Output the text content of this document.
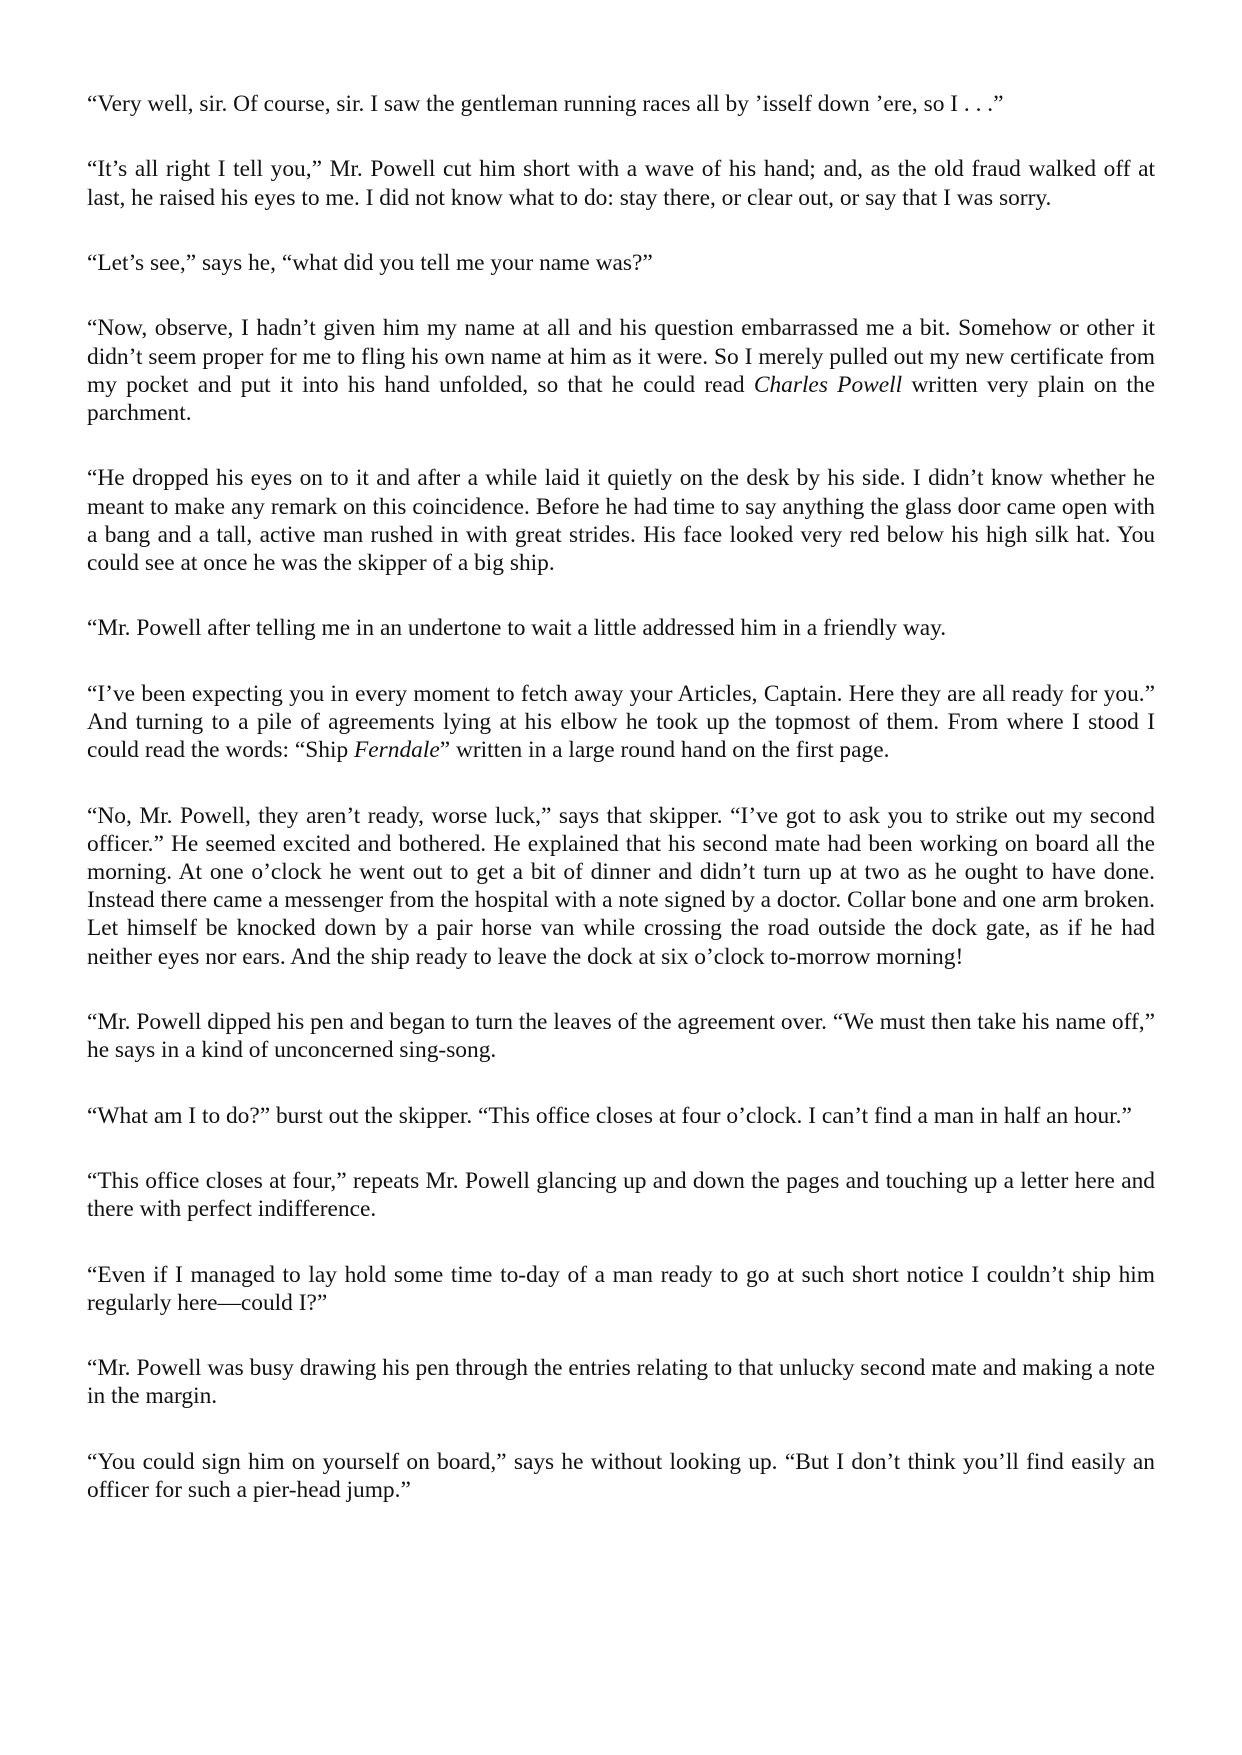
“Very well, sir. Of course, sir. I saw the gentleman running races all by ’isself down ’ere, so I . . .”

“It’s all right I tell you,” Mr. Powell cut him short with a wave of his hand; and, as the old fraud walked off at last, he raised his eyes to me. I did not know what to do: stay there, or clear out, or say that I was sorry.

“Let’s see,” says he, “what did you tell me your name was?”

“Now, observe, I hadn’t given him my name at all and his question embarrassed me a bit. Somehow or other it didn’t seem proper for me to fling his own name at him as it were. So I merely pulled out my new certificate from my pocket and put it into his hand unfolded, so that he could read Charles Powell written very plain on the parchment.

“He dropped his eyes on to it and after a while laid it quietly on the desk by his side. I didn’t know whether he meant to make any remark on this coincidence. Before he had time to say anything the glass door came open with a bang and a tall, active man rushed in with great strides. His face looked very red below his high silk hat. You could see at once he was the skipper of a big ship.

“Mr. Powell after telling me in an undertone to wait a little addressed him in a friendly way.

“I’ve been expecting you in every moment to fetch away your Articles, Captain. Here they are all ready for you.” And turning to a pile of agreements lying at his elbow he took up the topmost of them. From where I stood I could read the words: “Ship Ferndale” written in a large round hand on the first page.

“No, Mr. Powell, they aren’t ready, worse luck,” says that skipper. “I’ve got to ask you to strike out my second officer.” He seemed excited and bothered. He explained that his second mate had been working on board all the morning. At one o’clock he went out to get a bit of dinner and didn’t turn up at two as he ought to have done. Instead there came a messenger from the hospital with a note signed by a doctor. Collar bone and one arm broken. Let himself be knocked down by a pair horse van while crossing the road outside the dock gate, as if he had neither eyes nor ears. And the ship ready to leave the dock at six o’clock to-morrow morning!

“Mr. Powell dipped his pen and began to turn the leaves of the agreement over. “We must then take his name off,” he says in a kind of unconcerned sing-song.

“What am I to do?” burst out the skipper. “This office closes at four o’clock. I can’t find a man in half an hour.”

“This office closes at four,” repeats Mr. Powell glancing up and down the pages and touching up a letter here and there with perfect indifference.

“Even if I managed to lay hold some time to-day of a man ready to go at such short notice I couldn’t ship him regularly here—could I?”

“Mr. Powell was busy drawing his pen through the entries relating to that unlucky second mate and making a note in the margin.

“You could sign him on yourself on board,” says he without looking up. “But I don’t think you’ll find easily an officer for such a pier-head jump.”
